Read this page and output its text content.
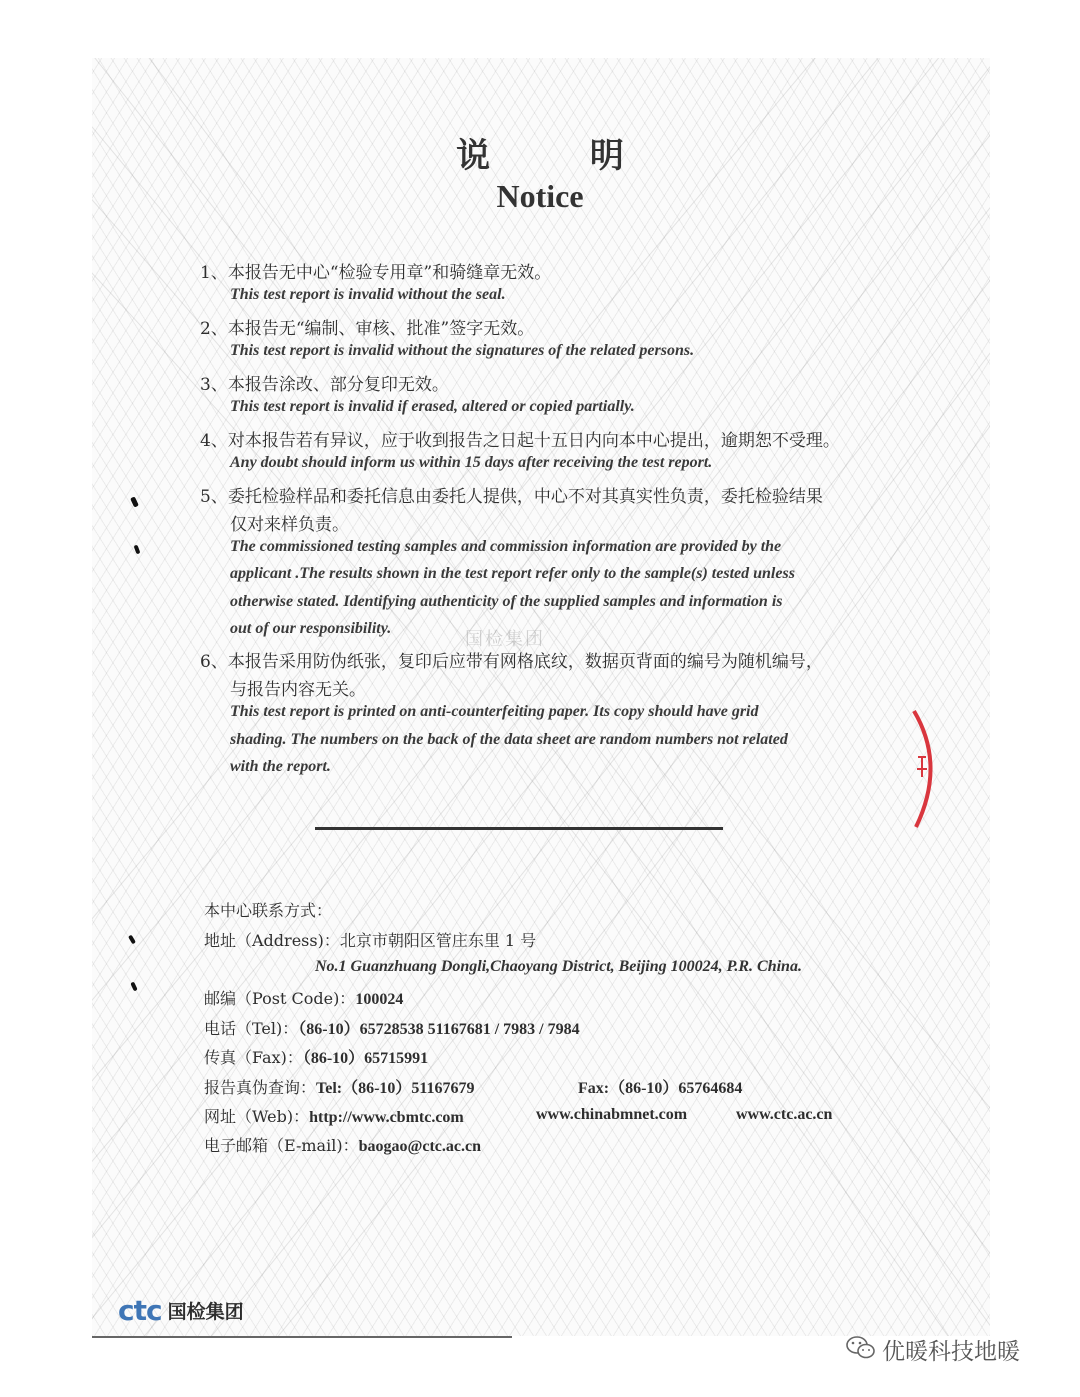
说 明
Notice
1、本报告无中心“检验专用章”和骑缝章无效。
This test report is invalid without the seal.
2、本报告无“编制、审核、批准”签字无效。
This test report is invalid without the signatures of the related persons.
3、本报告涂改、部分复印无效。
This test report is invalid if erased, altered or copied partially.
4、对本报告若有异议，应于收到报告之日起十五日内向本中心提出，逾期恕不受理。
Any doubt should inform us within 15 days after receiving the test report.
5、委托检验样品和委托信息由委托人提供，中心不对其真实性负责，委托检验结果
仅对来样负责。
The commissioned testing samples and commission information are provided by the
applicant .The results shown in the test report refer only to the sample(s) tested unless
otherwise stated. Identifying authenticity of the supplied samples and information is
out of our responsibility.
国检集团
6、本报告采用防伪纸张，复印后应带有网格底纹，数据页背面的编号为随机编号，
与报告内容无关。
This test report is printed on anti-counterfeiting paper. Its copy should have grid
shading. The numbers on the back of the data sheet are random numbers not related
with the report.
本中心联系方式：
地址（Address)：北京市朝阳区管庄东里 1 号
No.1 Guanzhuang Dongli,Chaoyang District, Beijing 100024, P.R. China.
邮编（Post Code)：100024
电话（Tel)：（86-10）65728538 51167681 / 7983 / 7984
传真（Fax)：（86-10）65715991
报告真伪查询：Tel:（86-10）51167679	Fax:（86-10）65764684
网址（Web)：http://www.cbmtc.com	www.chinabmnet.com	www.ctc.ac.cn
电子邮箱（E-mail)：baogao@ctc.ac.cn
ctc 国检集团
优暖科技地暖
